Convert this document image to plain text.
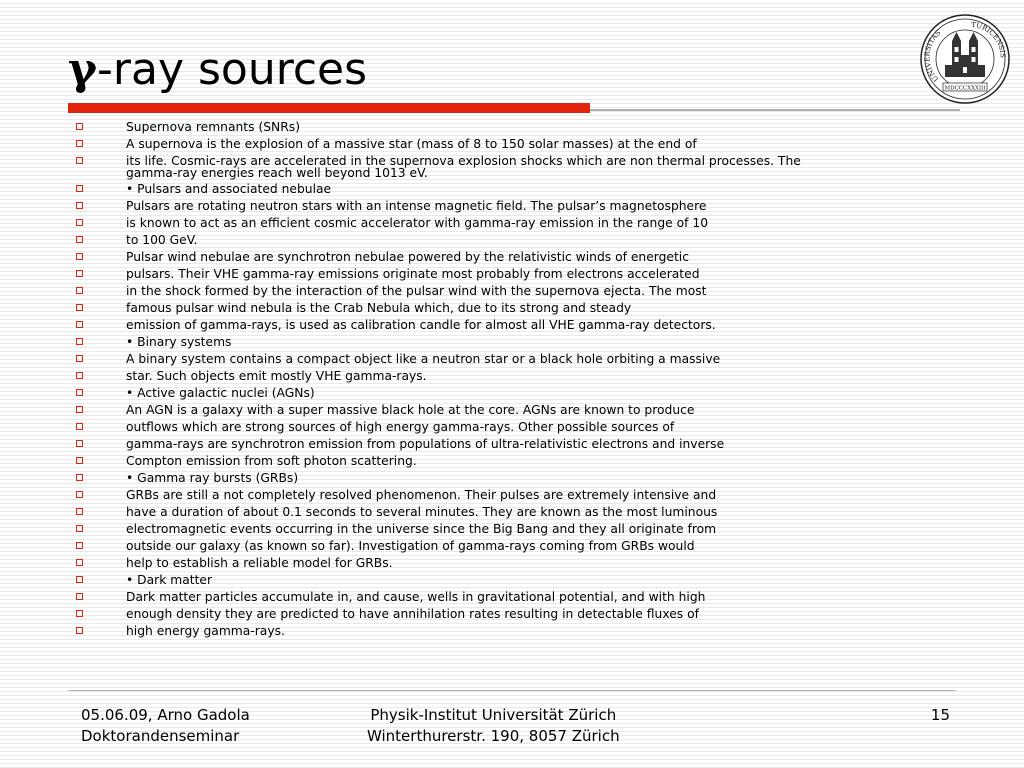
γ-ray sources	UNIVERSITAS
TURICENSIS
MDCCCXXXIII
Supernova remnants (SNRs)
A supernova is the explosion of a massive star (mass of 8 to 150 solar masses) at the end of
its life. Cosmic-rays are accelerated in the supernova explosion shocks which are non thermal processes. The
gamma-ray energies reach well beyond 1013 eV.
• Pulsars and associated nebulae
Pulsars are rotating neutron stars with an intense magnetic field. The pulsar’s magnetosphere
is known to act as an efficient cosmic accelerator with gamma-ray emission in the range of 10
to 100 GeV.
Pulsar wind nebulae are synchrotron nebulae powered by the relativistic winds of energetic
pulsars. Their VHE gamma-ray emissions originate most probably from electrons accelerated
in the shock formed by the interaction of the pulsar wind with the supernova ejecta. The most
famous pulsar wind nebula is the Crab Nebula which, due to its strong and steady
emission of gamma-rays, is used as calibration candle for almost all VHE gamma-ray detectors.
• Binary systems
A binary system contains a compact object like a neutron star or a black hole orbiting a massive
star. Such objects emit mostly VHE gamma-rays.
• Active galactic nuclei (AGNs)
An AGN is a galaxy with a super massive black hole at the core. AGNs are known to produce
outflows which are strong sources of high energy gamma-rays. Other possible sources of
gamma-rays are synchrotron emission from populations of ultra-relativistic electrons and inverse
Compton emission from soft photon scattering.
• Gamma ray bursts (GRBs)
GRBs are still a not completely resolved phenomenon. Their pulses are extremely intensive and
have a duration of about 0.1 seconds to several minutes. They are known as the most luminous
electromagnetic events occurring in the universe since the Big Bang and they all originate from
outside our galaxy (as known so far). Investigation of gamma-rays coming from GRBs would
help to establish a reliable model for GRBs.
• Dark matter
Dark matter particles accumulate in, and cause, wells in gravitational potential, and with high
enough density they are predicted to have annihilation rates resulting in detectable fluxes of
high energy gamma-rays.
05.06.09, Arno Gadola
Doktorandenseminar
Physik-Institut Universität Zürich
Winterthurerstr. 190, 8057 Zürich
15
